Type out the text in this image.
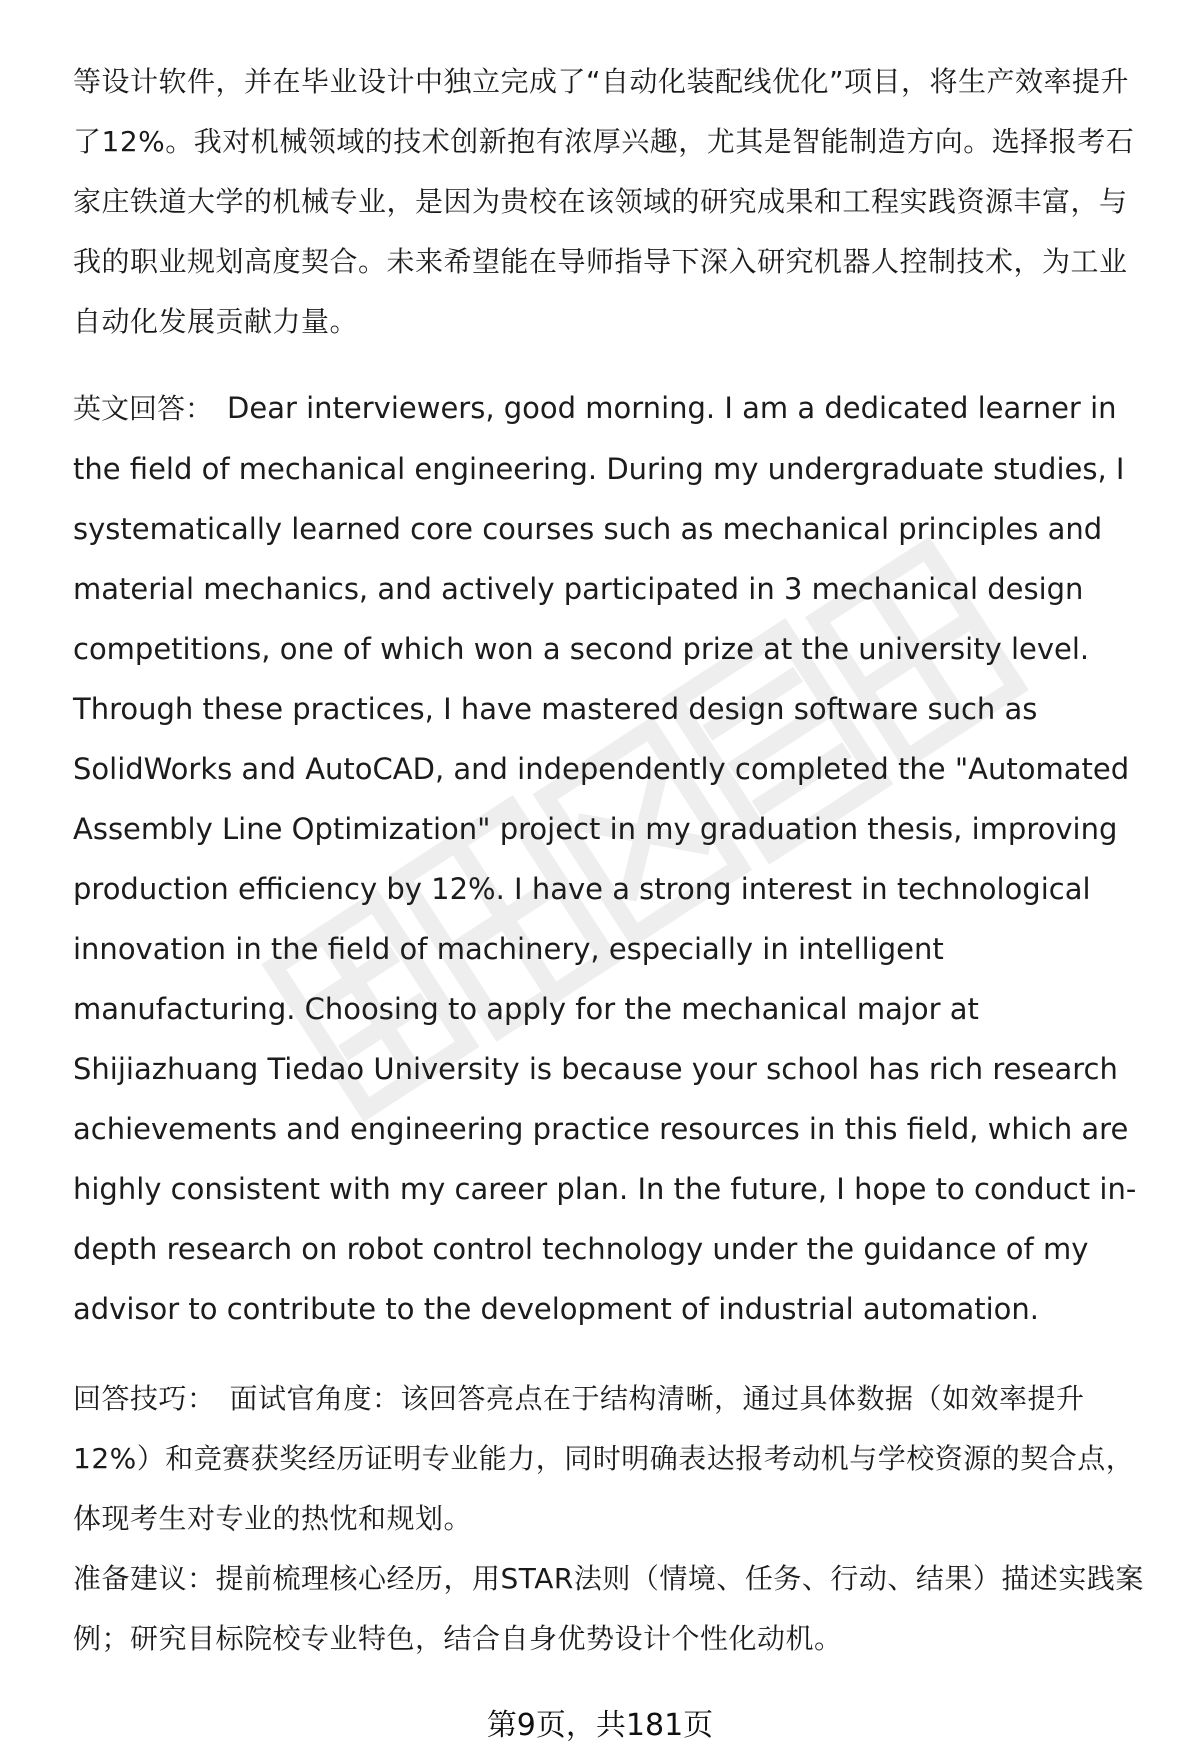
等设计软件，并在毕业设计中独立完成了“自动化装配线优化”项目，将生产效率提升了12%。我对机械领域的技术创新抱有浓厚兴趣，尤其是智能制造方向。选择报考石家庄铁道大学的机械专业，是因为贵校在该领域的研究成果和工程实践资源丰富，与我的职业规划高度契合。未来希望能在导师指导下深入研究机器人控制技术，为工业自动化发展贡献力量。

英文回答： Dear interviewers, good morning. I am a dedicated learner in the field of mechanical engineering. During my undergraduate studies, I systematically learned core courses such as mechanical principles and material mechanics, and actively participated in 3 mechanical design competitions, one of which won a second prize at the university level. Through these practices, I have mastered design software such as SolidWorks and AutoCAD, and independently completed the "Automated Assembly Line Optimization" project in my graduation thesis, improving production efficiency by 12%. I have a strong interest in technological innovation in the field of machinery, especially in intelligent manufacturing. Choosing to apply for the mechanical major at Shijiazhuang Tiedao University is because your school has rich research achievements and engineering practice resources in this field, which are highly consistent with my career plan. In the future, I hope to conduct in-depth research on robot control technology under the guidance of my advisor to contribute to the development of industrial automation.

回答技巧： 面试官角度：该回答亮点在于结构清晰，通过具体数据（如效率提升12%）和竞赛获奖经历证明专业能力，同时明确表达报考动机与学校资源的契合点，体现考生对专业的热忱和规划。

准备建议：提前梳理核心经历，用STAR法则（情境、任务、行动、结果）描述实践案例；研究目标院校专业特色，结合自身优势设计个性化动机。

第9页，共181页
